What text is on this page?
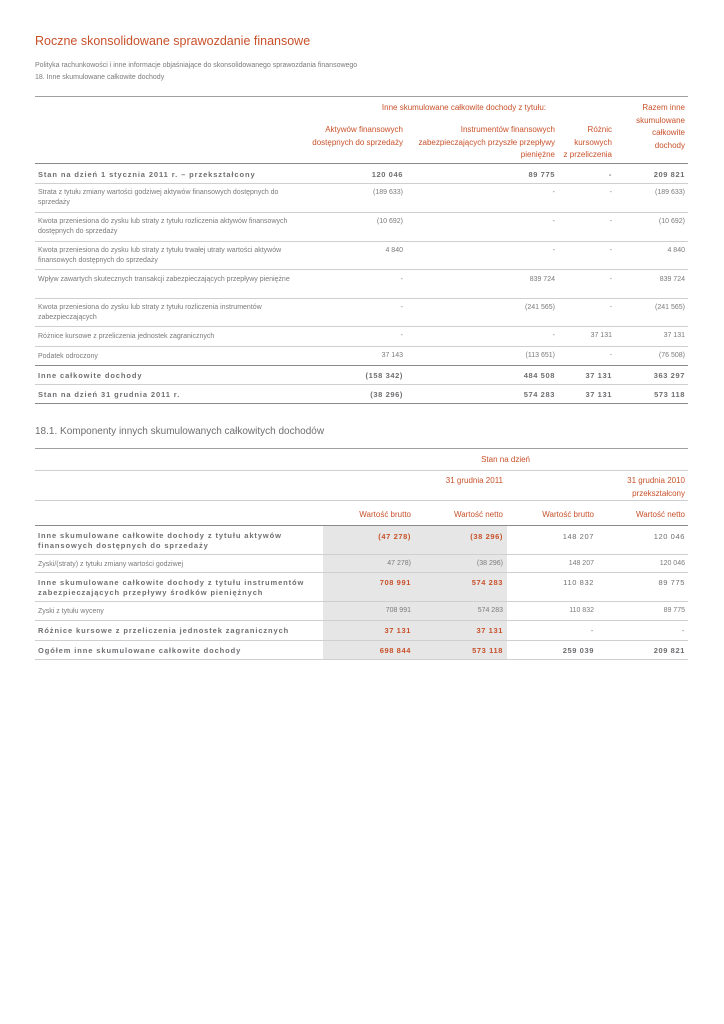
Roczne skonsolidowane sprawozdanie finansowe
Polityka rachunkowości i inne informacje objaśniające do skonsolidowanego sprawozdania finansowego
18. Inne skumulowane całkowite dochody
Inne skumulowane całkowite dochody z tytułu:	Razem inne
skumulowane
całkowite
dochody
Aktywów finansowych
dostępnych do sprzedaży
Instrumentów finansowych
zabezpieczających przyszłe przepływy
pieniężne
Różnic
kursowych
z przeliczenia
Stan na dzień 1 stycznia 2011 r. – przekształcony	120 046	89 775	-	209 821
Strata z tytułu zmiany wartości godziwej aktywów finansowych dostępnych do sprzedaży
(189 633)	-	-	(189 633)
Kwota przeniesiona do zysku lub straty z tytułu rozliczenia aktywów finansowych dostępnych do sprzedaży
(10 692)	-	-	(10 692)
Kwota przeniesiona do zysku lub straty z tytułu trwałej utraty wartości aktywów finansowych dostępnych do sprzedaży
4 840	-	-	4 840
Wpływ zawartych skutecznych transakcji zabezpieczających przepływy pieniężne	-	839 724	-	839 724
Kwota przeniesiona do zysku lub straty z tytułu rozliczenia instrumentów zabezpieczających
-	(241 565)	-	(241 565)
Różnice kursowe z przeliczenia jednostek zagranicznych	-	-	37 131	37 131
Podatek odroczony	37 143	(113 651)	-	(76 508)
Inne całkowite dochody	(158 342)	484 508	37 131	363 297
Stan na dzień 31 grudnia 2011 r.	(38 296)	574 283	37 131	573 118
18.1. Komponenty innych skumulowanych całkowitych dochodów
Stan na dzień
31 grudnia 2011	31 grudnia 2010
przekształcony
Wartość brutto	Wartość netto	Wartość brutto	Wartość netto
Inne skumulowane całkowite dochody z tytułu aktywów finansowych dostępnych do sprzedaży
(47 278)	(38 296)	148 207	120 046
Zyski/(straty) z tytułu zmiany wartości godziwej	47 278)	(38 296)	148 207	120 046
Inne skumulowane całkowite dochody z tytułu instrumentów zabezpieczających przepływy środków pieniężnych
708 991	574 283	110 832	89 775
Zyski z tytułu wyceny	708 991	574 283	110 832	89 775
Różnice kursowe z przeliczenia jednostek zagranicznych	37 131	37 131	-	-
Ogółem inne skumulowane całkowite dochody	698 844	573 118	259 039	209 821
